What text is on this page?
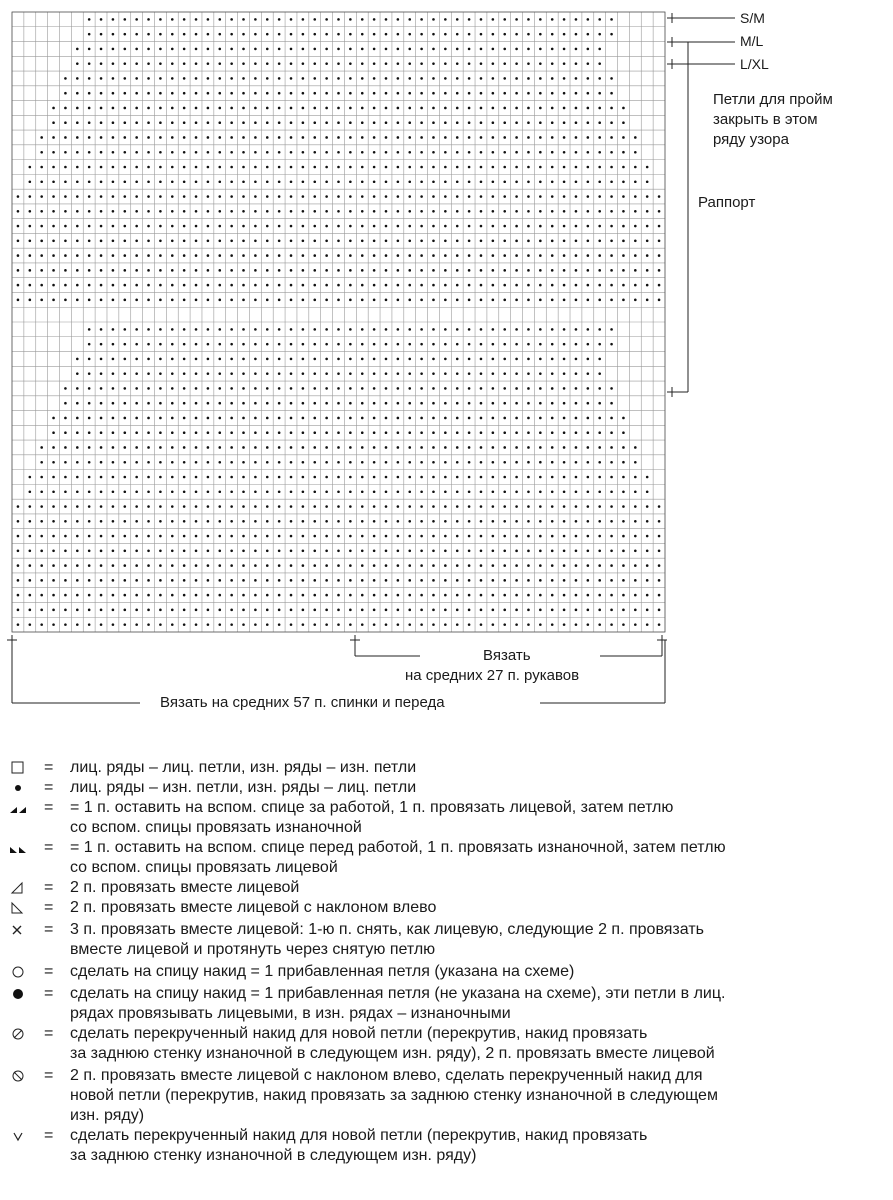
S/M
M/L
L/XL
Петли для пройм
закрыть в этом
ряду узора
Раппорт
Вязать
на средних 27 п. рукавов
Вязать на средних 57 п. спинки и переда
= лиц. ряды – лиц. петли, изн. ряды – изн. петли
= лиц. ряды – изн. петли, изн. ряды – лиц. петли
= = 1 п. оставить на вспом. спице за работой, 1 п. провязать лицевой, затем петлю
со вспом. спицы провязать изнаночной
= = 1 п. оставить на вспом. спице перед работой, 1 п. провязать изнаночной, затем петлю
со вспом. спицы провязать лицевой
= 2 п. провязать вместе лицевой
= 2 п. провязать вместе лицевой с наклоном влево
= 3 п. провязать вместе лицевой: 1-ю п. снять, как лицевую, следующие 2 п. провязать
вместе лицевой и протянуть через снятую петлю
= сделать на спицу накид = 1 прибавленная петля (указана на схеме)
= сделать на спицу накид = 1 прибавленная петля (не указана на схеме), эти петли в лиц.
рядах провязывать лицевыми, в изн. рядах – изнаночными
= сделать перекрученный накид для новой петли (перекрутив, накид провязать
за заднюю стенку изнаночной в следующем изн. ряду), 2 п. провязать вместе лицевой
= 2 п. провязать вместе лицевой с наклоном влево, сделать перекрученный накид для
новой петли (перекрутив, накид провязать за заднюю стенку изнаночной в следующем
изн. ряду)
= сделать перекрученный накид для новой петли (перекрутив, накид провязать
за заднюю стенку изнаночной в следующем изн. ряду)
